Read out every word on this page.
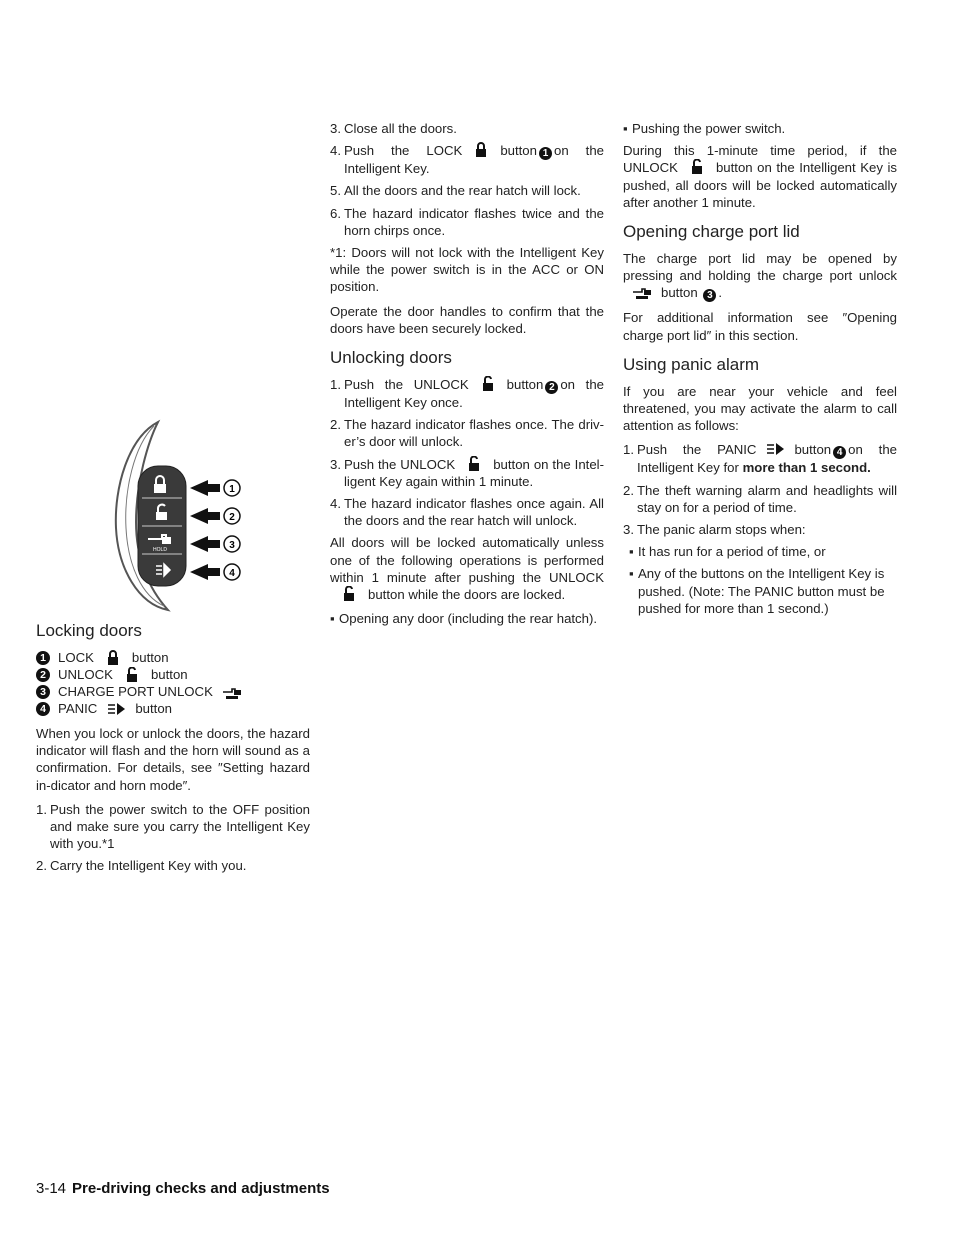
HOLD
1
2
3
4
Locking doors
1 LOCK	button
2 UNLOCK	button
3 CHARGE PORT UNLOCK
4 PANIC	button

When you lock or unlock the doors, the hazard indicator will flash and the horn will sound as a confirmation. For details, see ″Setting hazard in-dicator and horn mode″.

1. Push the power switch to the OFF position and make sure you carry the Intelligent Key with you.*1
2. Carry the Intelligent Key with you.
3. Close all the doors.
4. Push the LOCK	button 1 on the Intelligent Key.
5. All the doors and the rear hatch will lock.
6. The hazard indicator flashes twice and the horn chirps once.

*1: Doors will not lock with the Intelligent Key while the power switch is in the ACC or ON position.

Operate the door handles to confirm that the doors have been securely locked.

Unlocking doors
1. Push the UNLOCK	button 2 on the Intelligent Key once.
2. The hazard indicator flashes once. The driv-er’s door will unlock.
3. Push the UNLOCK	button on the Intel-ligent Key again within 1 minute.
4. The hazard indicator flashes once again. All the doors and the rear hatch will unlock.

All doors will be locked automatically unless one of the following operations is performed within 1 minute after pushing the UNLOCKbutton while the doors are locked.

▪ Opening any door (including the rear hatch).
▪ Pushing the power switch.

During this 1-minute time period, if the UNLOCK	button on the Intelligent Key is pushed, all doors will be locked automatically after another 1 minute.

Opening charge port lid

The charge port lid may be opened by pressing and holding the charge port unlockbutton 3 .

For additional information see ″Opening charge port lid″ in this section.

Using panic alarm

If you are near your vehicle and feel threatened, you may activate the alarm to call attention as follows:

1. Push the PANIC	button 4 on the Intelligent Key for more than 1 second.
2. The theft warning alarm and headlights will stay on for a period of time.
3. The panic alarm stops when:
▪ It has run for a period of time, or
▪ Any of the buttons on the Intelligent Key is pushed. (Note: The PANIC button must be pushed for more than 1 second.)
3-14 Pre-driving checks and adjustments
